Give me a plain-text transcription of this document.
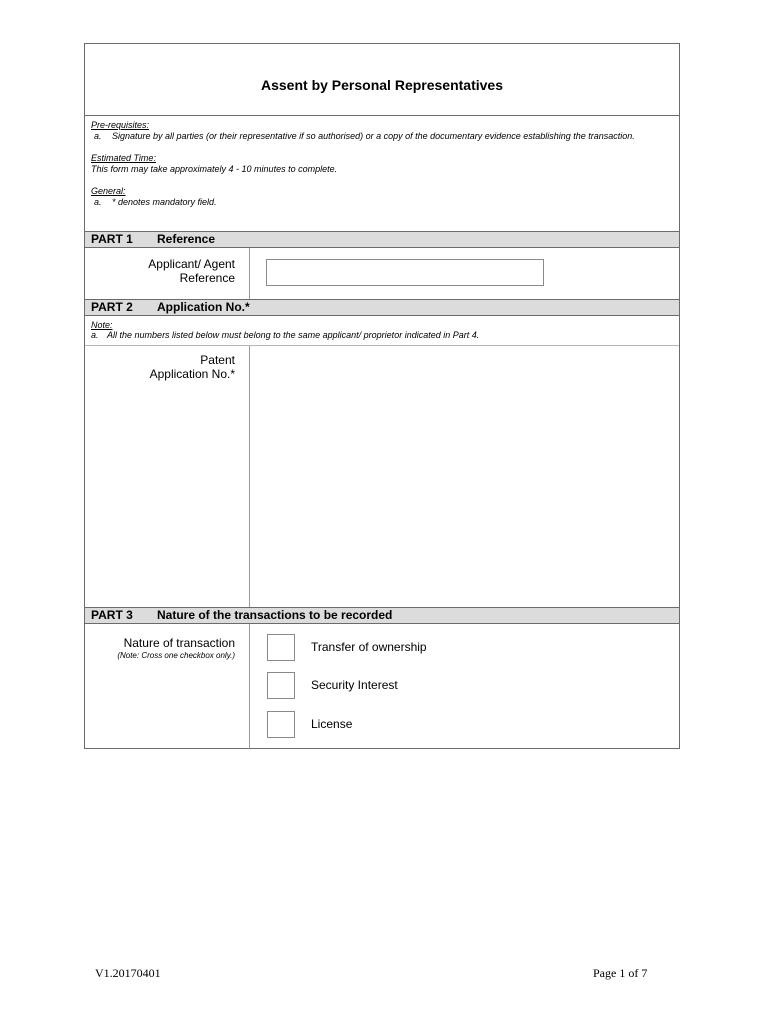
Assent by Personal Representatives
Pre-requisites:
a.	Signature by all parties (or their representative if so authorised) or a copy of the documentary evidence establishing the transaction.
Estimated Time:
This form may take approximately 4 - 10 minutes to complete.
General:
a.	* denotes mandatory field.
PART 1 Reference
Applicant/ Agent
Reference
PART 2 Application No.*
Note:
a. All the numbers listed below must belong to the same applicant/ proprietor indicated in Part 4.
Patent
Application No.*
PART 3 Nature of the transactions to be recorded
Nature of transaction
(Note: Cross one checkbox only.)
Transfer of ownership
Security Interest
License
V1.20170401	Page 1 of 7
